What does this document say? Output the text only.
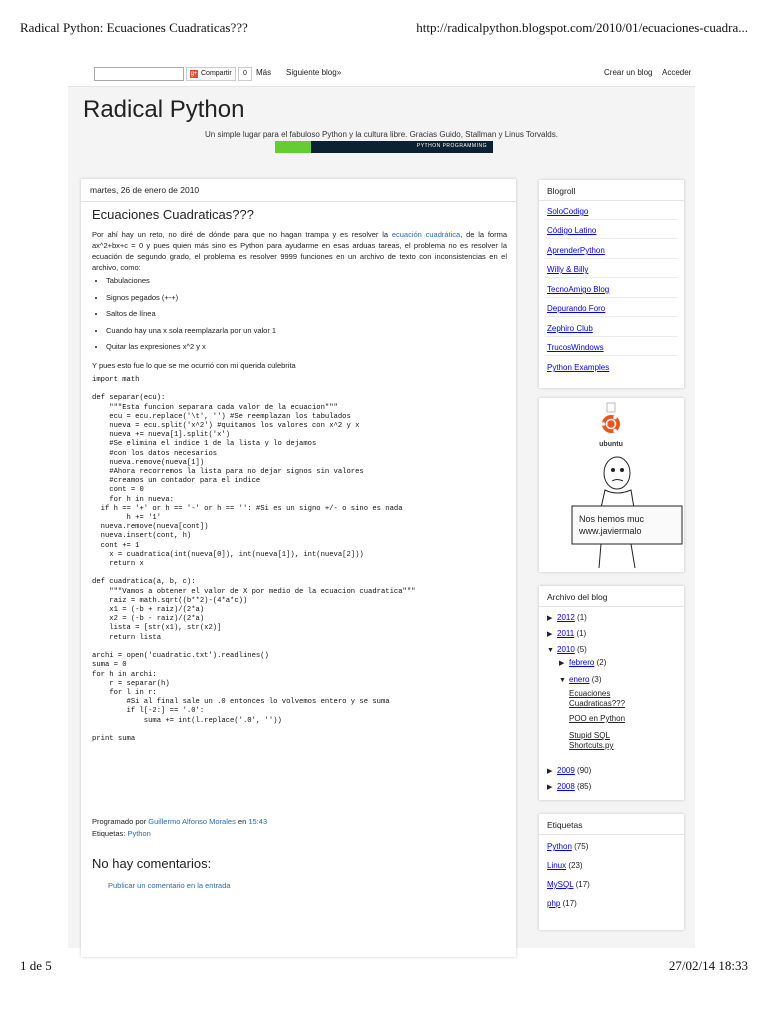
Radical Python: Ecuaciones Cuadraticas???	http://radicalpython.blogspot.com/2010/01/ecuaciones-cuadra...
g+ Compartir	0	Más Siguiente blog»	Crear un blog Acceder
Radical Python
Un simple lugar para el fabuloso Python y la cultura libre. Gracias Guido, Stallman y Linus Torvalds.
PYTHON PROGRAMMING
martes, 26 de enero de 2010
Ecuaciones Cuadraticas???
Por ahí hay un reto, no diré de dónde para que no hagan trampa y es resolver la ecuación cuadrática, de la forma ax^2+bx+c = 0 y pues quien más sino es Python para ayudarme en esas arduas tareas, el problema no es resolver la ecuación de segundo grado, el problema es resolver 9999 funciones en un archivo de texto con inconsistencias en el archivo, como:
• Tabulaciones
• Signos pegados (+-+)
• Saltos de línea
• Cuando hay una x sola reemplazarla por un valor 1
• Quitar las expresiones x^2 y x
Y pues esto fue lo que se me ocurrió con mi querida culebrita
import math

def separar(ecu):
"""Esta funcion separara cada valor de la ecuacion"""
ecu = ecu.replace('\t', '') #Se reemplazan los tabulados
nueva = ecu.split('x^2') #quitamos los valores con x^2 y x
nueva += nueva[1].split('x')
#Se elimina el indice 1 de la lista y lo dejamos
#con los datos necesarios
nueva.remove(nueva[1])
#Ahora recorremos la lista para no dejar signos sin valores
#creamos un contador para el indice
cont = 0
for h in nueva:
if h == '+' or h == '-' or h == '': #Si es un signo +/- o sino es nada
h += '1'
nueva.remove(nueva[cont])
nueva.insert(cont, h)
cont += 1
x = cuadratica(int(nueva[0]), int(nueva[1]), int(nueva[2]))
return x

def cuadratica(a, b, c):
"""Vamos a obtener el valor de X por medio de la ecuacion cuadratica"""
raiz = math.sqrt((b**2)-(4*a*c))
x1 = (-b + raiz)/(2*a)
x2 = (-b - raiz)/(2*a)
lista = [str(x1), str(x2)]
return lista

archi = open('cuadratic.txt').readlines()
suma = 0
for h in archi:
r = separar(h)
for l in r:
#Si al final sale un .0 entonces lo volvemos entero y se suma
if l[-2:] == '.0':
suma += int(l.replace('.0', ''))

print suma
Programado por Guillermo Alfonso Morales en 15:43
Etiquetas: Python
No hay comentarios:
Publicar un comentario en la entrada
Blogroll
SoloCodigo
Código Latino
AprenderPython
Willy & Billy
TecnoAmigo Blog
Depurando Foro
Zephiro Club
TrucosWindows
Python Examples
ubuntu
Nos hemos muc
www.javiermalo
Archivo del blog
▶ 2012 (1)
▶ 2011 (1)
▼ 2010 (5)
▶ febrero (2)
▼ enero (3)
Ecuaciones Cuadraticas???
POO en Python
Stupid SQL Shortcuts.py
▶ 2009 (90)
▶ 2008 (85)
Etiquetas
Python (75)
Linux (23)
MySQL (17)
php (17)
1 de 5	27/02/14 18:33
